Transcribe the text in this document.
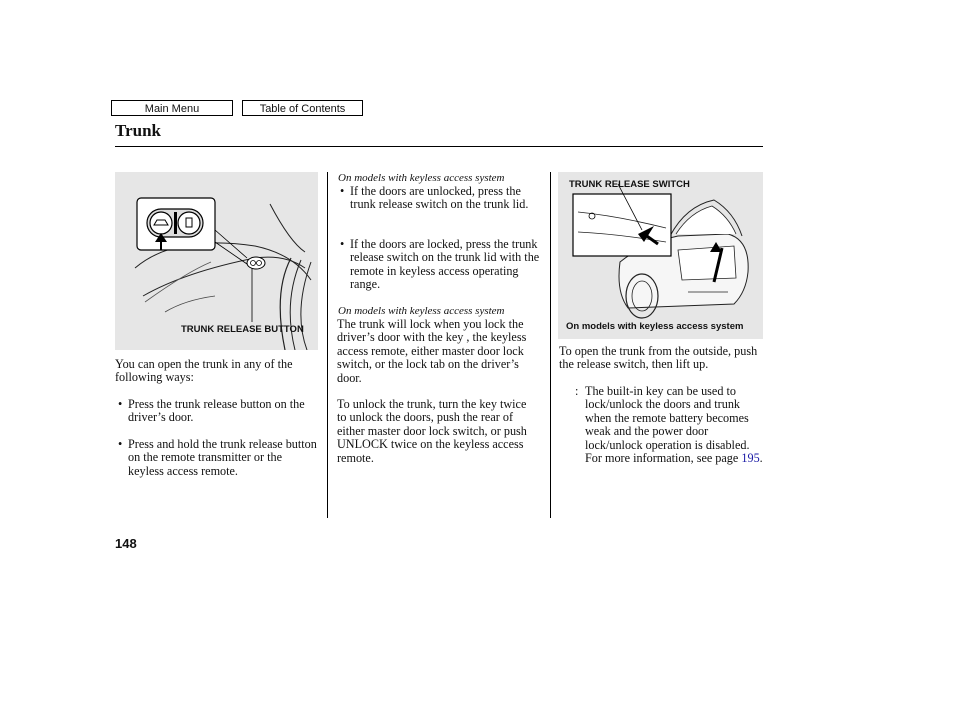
Main Menu	Table of Contents
Trunk
TRUNK RELEASE BUTTON
You can open the trunk in any of the following ways:
• Press the trunk release button on the driver’s door.
• Press and hold the trunk release button on the remote transmitter or the keyless access remote.
On models with keyless access system
• If the doors are unlocked, press the trunk release switch on the trunk lid.
• If the doors are locked, press the trunk release switch on the trunk lid with the remote in keyless access operating range.
On models with keyless access system
The trunk will lock when you lock the driver’s door with the key , the keyless access remote, either master door lock switch, or the lock tab on the driver’s door.
To unlock the trunk, turn the key twice to unlock the doors, push the rear of either master door lock switch, or push UNLOCK twice on the keyless access remote.
TRUNK RELEASE SWITCH
On models with keyless access system
To open the trunk from the outside, push the release switch, then lift up.
: The built-in key can be used to lock/unlock the doors and trunk when the remote battery becomes weak and the power door lock/unlock operation is disabled. For more information, see page 195.
148
